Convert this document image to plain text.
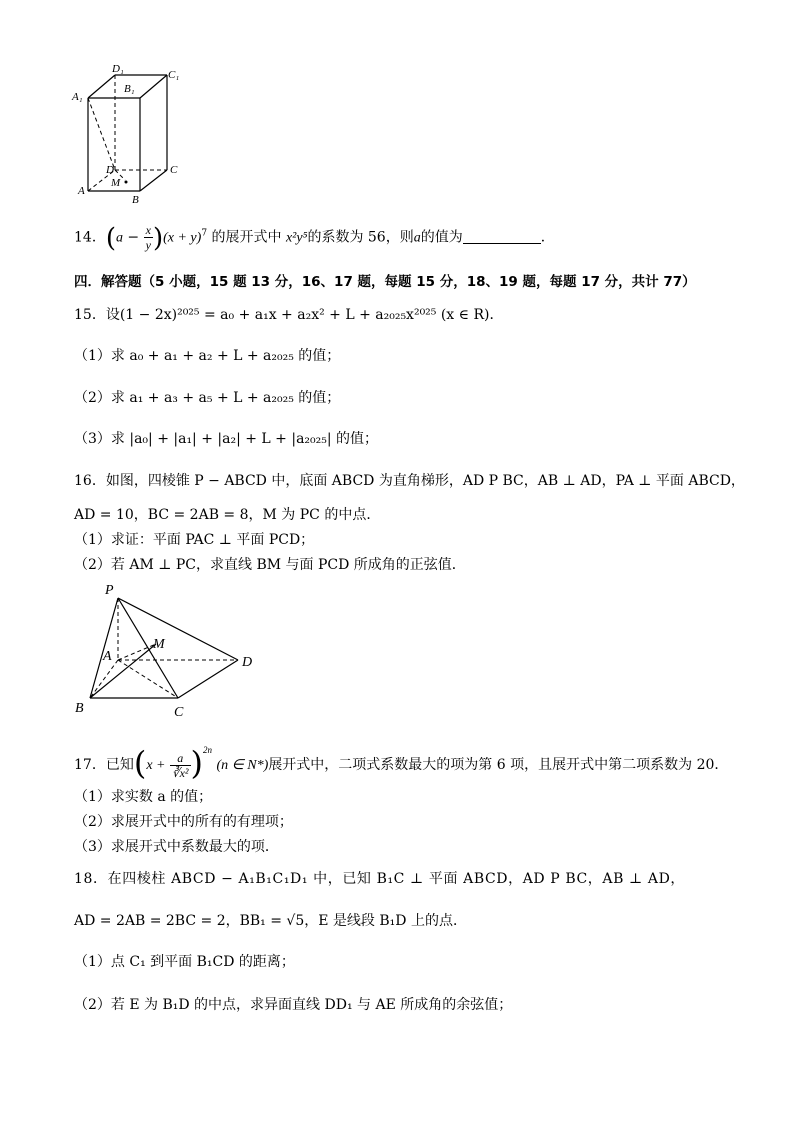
D₁	C₁
A₁
B₁
D	C
A
M
B
14．$(a - \frac{x}{y} )(x + y)^7$ 的展开式中 x²y⁵的系数为 56，则a的值为	．
四．解答题（5 小题，15 题 13 分，16、17 题，每题 15 分，18、19 题，每题 17 分，共计 77）
15．设(1 − 2x)²⁰²⁵ = a₀ + a₁x + a₂x² + L + a₂₀₂₅x²⁰²⁵ (x ∈ R)．
（1）求 a₀ + a₁ + a₂ + L + a₂₀₂₅ 的值；
（2）求 a₁ + a₃ + a₅ + L + a₂₀₂₅ 的值；
（3）求 |a₀| + |a₁| + |a₂| + L + |a₂₀₂₅| 的值；
16．如图，四棱锥 P − ABCD 中，底面 ABCD 为直角梯形，AD P BC，AB ⊥ AD，PA ⊥ 平面 ABCD，
AD = 10，BC = 2AB = 8，M 为 PC 的中点．
（1）求证：平面 PAC ⊥ 平面 PCD；
（2）若 AM ⊥ PC，求直线 BM 与面 PCD 所成角的正弦值．
P
M
A	D
B	C
17．已知$(x + \frac{a}{\text{∛x²}} )^{2n}$ (n ∈ N*)展开式中，二项式系数最大的项为第 6 项，且展开式中第二项系数为 20．
（1）求实数 a 的值；
（2）求展开式中的所有的有理项；
（3）求展开式中系数最大的项．
18．在四棱柱 ABCD − A₁B₁C₁D₁ 中，已知 B₁C ⊥ 平面 ABCD，AD P BC，AB ⊥ AD，
AD = 2AB = 2BC = 2，BB₁ = √5，E 是线段 B₁D 上的点．
（1）点 C₁ 到平面 B₁CD 的距离；
（2）若 E 为 B₁D 的中点，求异面直线 DD₁ 与 AE 所成角的余弦值；
